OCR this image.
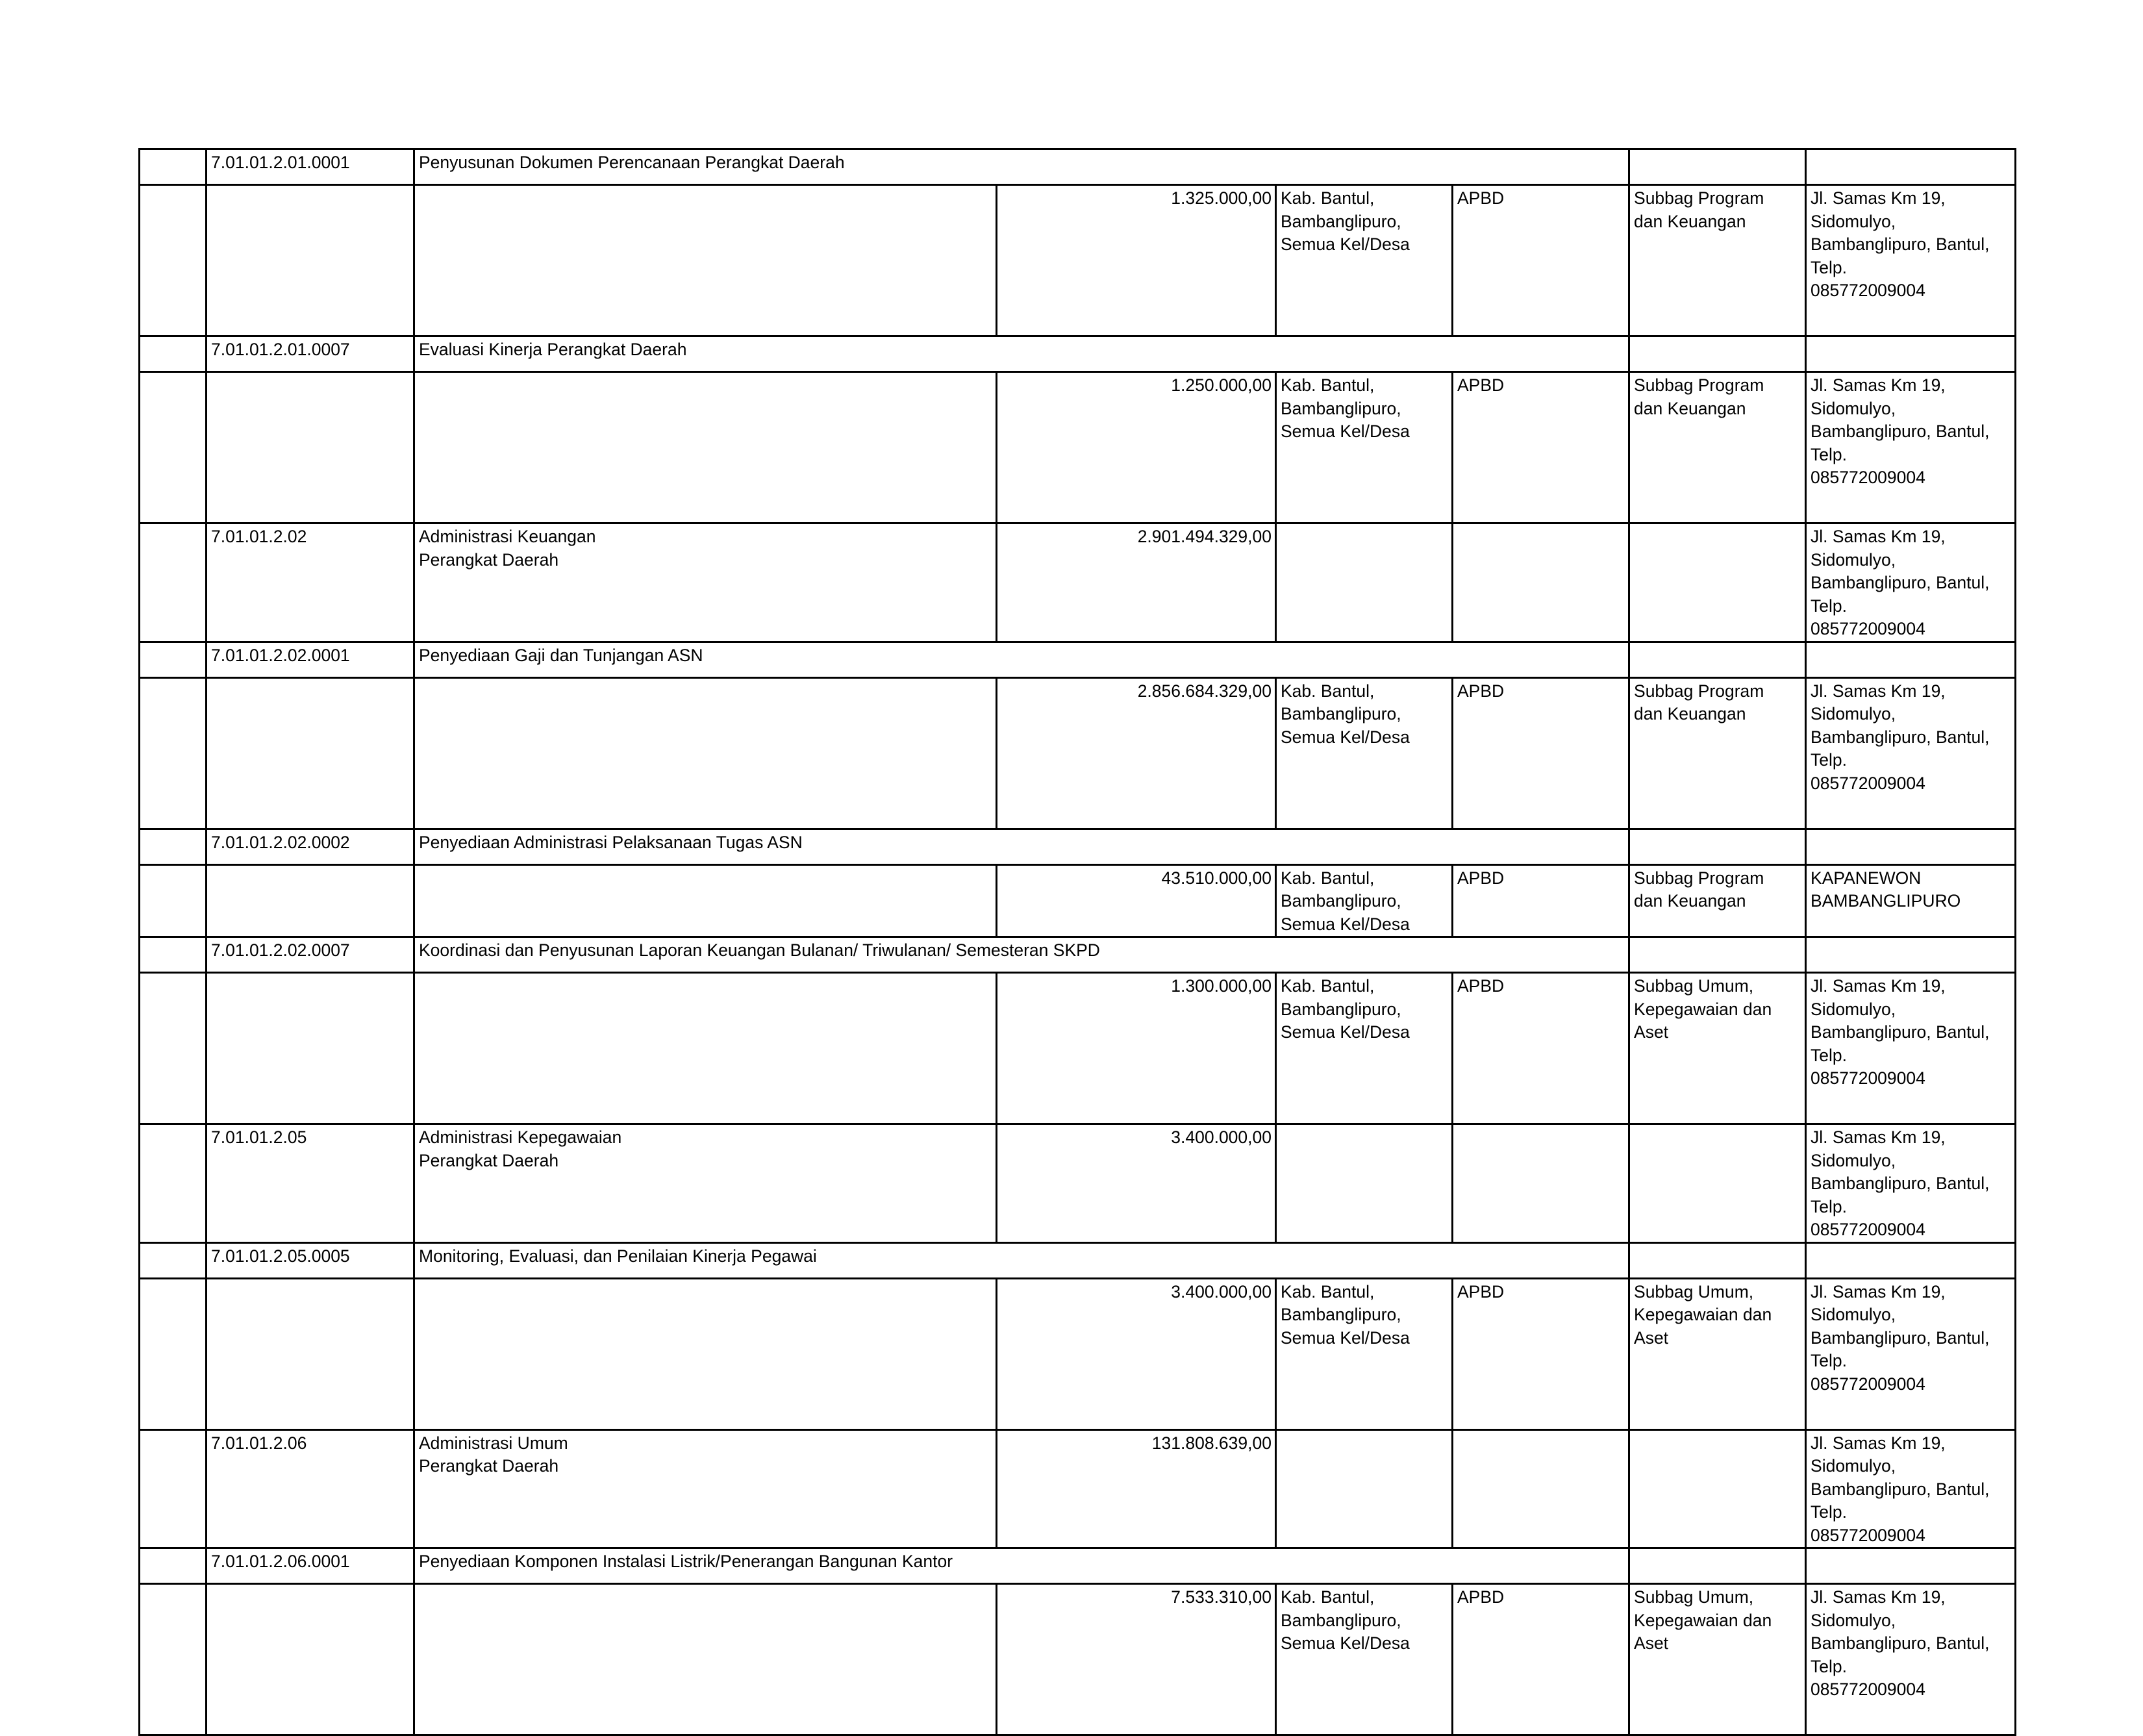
	7.01.01.2.01.0001	Penyusunan Dokumen Perencanaan Perangkat Daerah					
			1.325.000,00	Kab. Bantul,
Bambanglipuro,
Semua Kel/Desa	APBD	Subbag Program
dan Keuangan	Jl. Samas Km 19,
Sidomulyo,
Bambanglipuro, Bantul,
Telp.
085772009004
	7.01.01.2.01.0007	Evaluasi Kinerja Perangkat Daerah					
			1.250.000,00	Kab. Bantul,
Bambanglipuro,
Semua Kel/Desa	APBD	Subbag Program
dan Keuangan	Jl. Samas Km 19,
Sidomulyo,
Bambanglipuro, Bantul,
Telp.
085772009004
	7.01.01.2.02	Administrasi Keuangan
Perangkat Daerah	2.901.494.329,00				Jl. Samas Km 19,
Sidomulyo,
Bambanglipuro, Bantul,
Telp.
085772009004
	7.01.01.2.02.0001	Penyediaan Gaji dan Tunjangan ASN					
			2.856.684.329,00	Kab. Bantul,
Bambanglipuro,
Semua Kel/Desa	APBD	Subbag Program
dan Keuangan	Jl. Samas Km 19,
Sidomulyo,
Bambanglipuro, Bantul,
Telp.
085772009004
	7.01.01.2.02.0002	Penyediaan Administrasi Pelaksanaan Tugas ASN					
			43.510.000,00	Kab. Bantul,
Bambanglipuro,
Semua Kel/Desa	APBD	Subbag Program
dan Keuangan	KAPANEWON
BAMBANGLIPURO
	7.01.01.2.02.0007	Koordinasi dan Penyusunan Laporan Keuangan Bulanan/ Triwulanan/ Semesteran SKPD					
			1.300.000,00	Kab. Bantul,
Bambanglipuro,
Semua Kel/Desa	APBD	Subbag Umum,
Kepegawaian dan
Aset	Jl. Samas Km 19,
Sidomulyo,
Bambanglipuro, Bantul,
Telp.
085772009004
	7.01.01.2.05	Administrasi Kepegawaian
Perangkat Daerah	3.400.000,00				Jl. Samas Km 19,
Sidomulyo,
Bambanglipuro, Bantul,
Telp.
085772009004
	7.01.01.2.05.0005	Monitoring, Evaluasi, dan Penilaian Kinerja Pegawai					
			3.400.000,00	Kab. Bantul,
Bambanglipuro,
Semua Kel/Desa	APBD	Subbag Umum,
Kepegawaian dan
Aset	Jl. Samas Km 19,
Sidomulyo,
Bambanglipuro, Bantul,
Telp.
085772009004
	7.01.01.2.06	Administrasi Umum
Perangkat Daerah	131.808.639,00				Jl. Samas Km 19,
Sidomulyo,
Bambanglipuro, Bantul,
Telp.
085772009004
	7.01.01.2.06.0001	Penyediaan Komponen Instalasi Listrik/Penerangan Bangunan Kantor					
			7.533.310,00	Kab. Bantul,
Bambanglipuro,
Semua Kel/Desa	APBD	Subbag Umum,
Kepegawaian dan
Aset	Jl. Samas Km 19,
Sidomulyo,
Bambanglipuro, Bantul,
Telp.
085772009004
